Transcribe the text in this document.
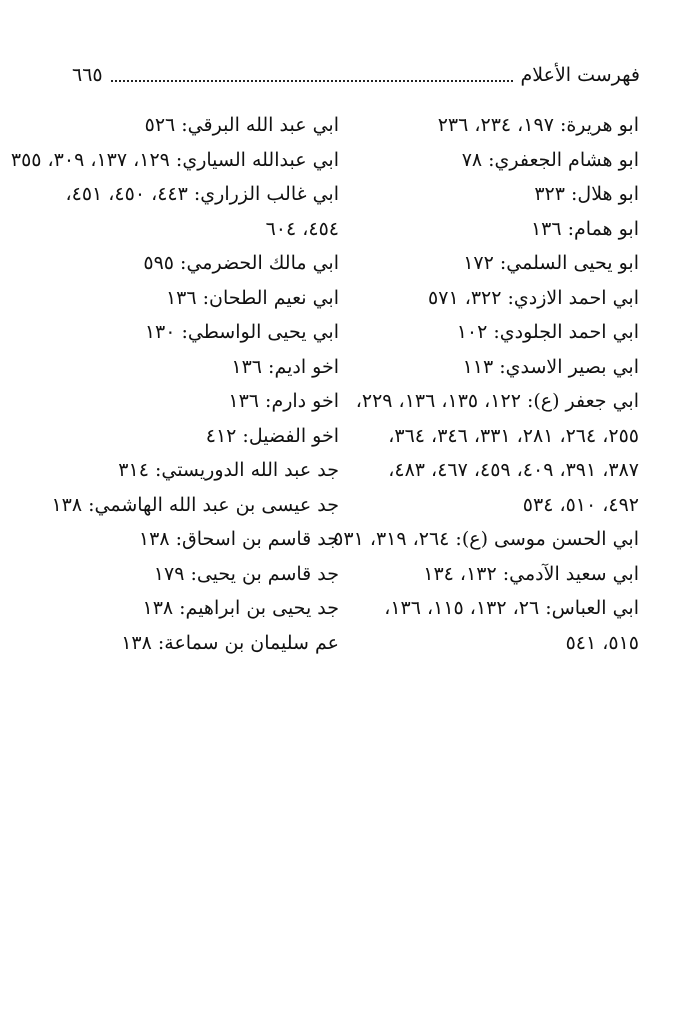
فهرست الأعلام
٦٦٥
ابو هريرة: ١٩٧، ٢٣٤، ٢٣٦
ابو هشام الجعفري: ٧٨
ابو هلال: ٣٢٣
ابو همام: ١٣٦
ابو يحيى السلمي: ١٧٢
ابي احمد الازدي: ٣٢٢، ٥٧١
ابي احمد الجلودي: ١٠٢
ابي بصير الاسدي: ١١٣
ابي جعفر (ع): ١٢٢، ١٣٥، ١٣٦، ٢٢٩،
٢٥٥، ٢٦٤، ٢٨١، ٣٣١، ٣٤٦، ٣٦٤،
٣٨٧، ٣٩١، ٤٠٩، ٤٥٩، ٤٦٧، ٤٨٣،
٤٩٢، ٥١٠، ٥٣٤
ابي الحسن موسى (ع): ٢٦٤، ٣١٩، ٥٣١
ابي سعيد الآدمي: ١٣٢، ١٣٤
ابي العباس: ٢٦، ١٣٢، ١١٥، ١٣٦،
٥١٥، ٥٤١
ابي عبد الله البرقي: ٥٢٦
ابي عبدالله السياري: ١٢٩، ١٣٧، ٣٠٩، ٣٥٥
ابي غالب الزراري: ٤٤٣، ٤٥٠، ٤٥١،
٤٥٤، ٦٠٤
ابي مالك الحضرمي: ٥٩٥
ابي نعيم الطحان: ١٣٦
ابي يحيى الواسطي: ١٣٠
اخو اديم: ١٣٦
اخو دارم: ١٣٦
اخو الفضيل: ٤١٢
جد عبد الله الدوريستي: ٣١٤
جد عيسى بن عبد الله الهاشمي: ١٣٨
جد قاسم بن اسحاق: ١٣٨
جد قاسم بن يحيى: ١٧٩
جد يحيى بن ابراهيم: ١٣٨
عم سليمان بن سماعة: ١٣٨
